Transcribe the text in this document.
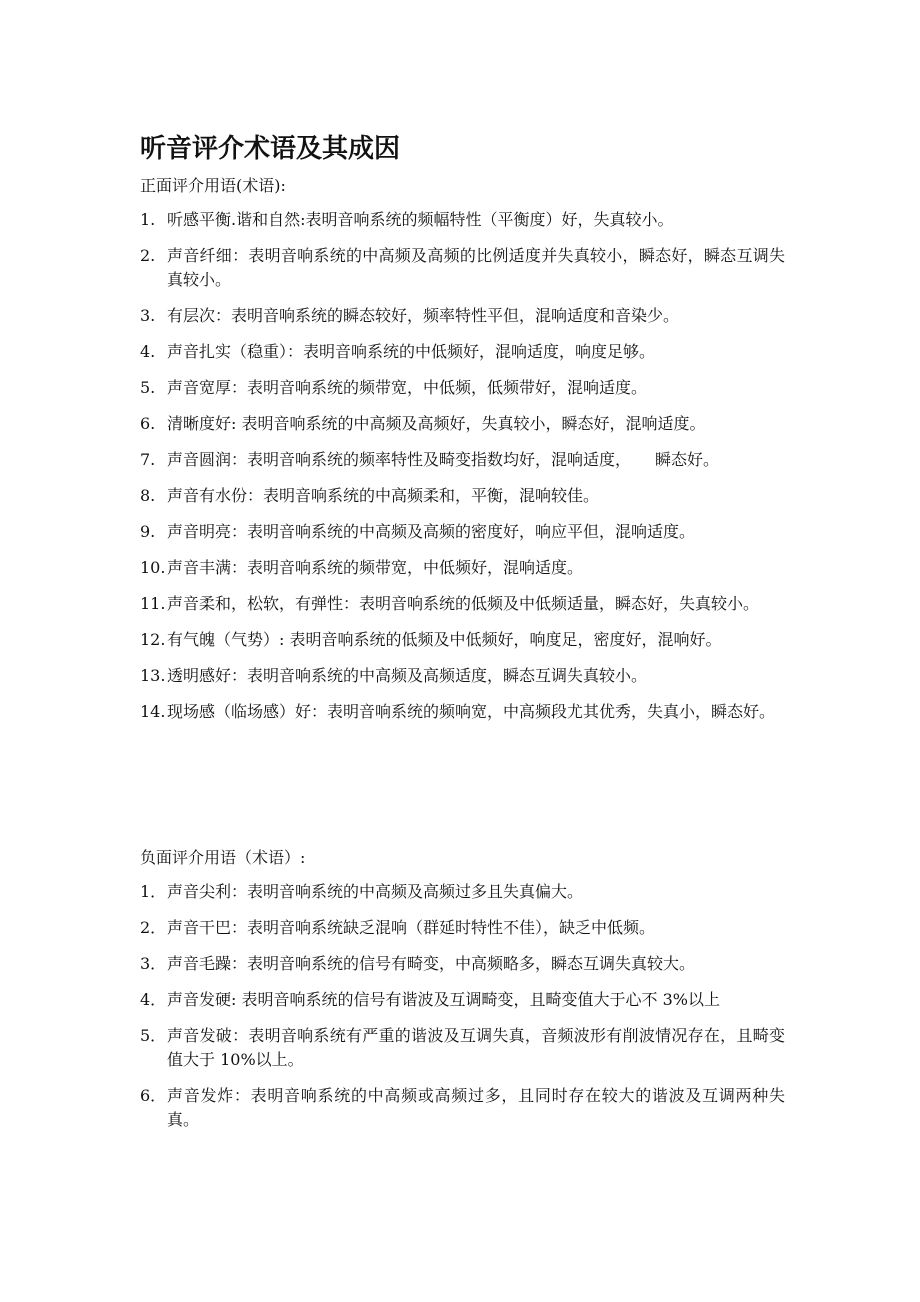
听音评介术语及其成因

正面评介用语(术语):

1. 听感平衡.谐和自然:表明音响系统的频幅特性（平衡度）好，失真较小。
2. 声音纤细：表明音响系统的中高频及高频的比例适度并失真较小，瞬态好，瞬态互调失真较小。
3. 有层次：表明音响系统的瞬态较好，频率特性平但，混响适度和音染少。
4. 声音扎实（稳重）：表明音响系统的中低频好，混响适度，响度足够。
5. 声音宽厚：表明音响系统的频带宽，中低频，低频带好，混响适度。
6. 清晰度好: 表明音响系统的中高频及高频好，失真较小，瞬态好，混响适度。
7. 声音圆润：表明音响系统的频率特性及畸变指数均好，混响适度，　　瞬态好。
8. 声音有水份：表明音响系统的中高频柔和，平衡，混响较佳。
9. 声音明亮：表明音响系统的中高频及高频的密度好，响应平但，混响适度。
10. 声音丰满：表明音响系统的频带宽，中低频好，混响适度。
11. 声音柔和，松软，有弹性：表明音响系统的低频及中低频适量，瞬态好，失真较小。
12. 有气魄（气势）: 表明音响系统的低频及中低频好，响度足，密度好，混响好。
13. 透明感好：表明音响系统的中高频及高频适度，瞬态互调失真较小。
14. 现场感（临场感）好：表明音响系统的频响宽，中高频段尤其优秀，失真小，瞬态好。

负面评介用语（术语）:

1． 声音尖利：表明音响系统的中高频及高频过多且失真偏大。
2． 声音干巴：表明音响系统缺乏混响（群延时特性不佳），缺乏中低频。
3． 声音毛躁：表明音响系统的信号有畸变，中高频略多，瞬态互调失真较大。
4． 声音发硬: 表明音响系统的信号有谐波及互调畸变，且畸变值大于心不 3%以上
5． 声音发破：表明音响系统有严重的谐波及互调失真，音频波形有削波情况存在，且畸变值大于 10%以上。
6． 声音发炸：表明音响系统的中高频或高频过多，且同时存在较大的谐波及互调两种失真。
